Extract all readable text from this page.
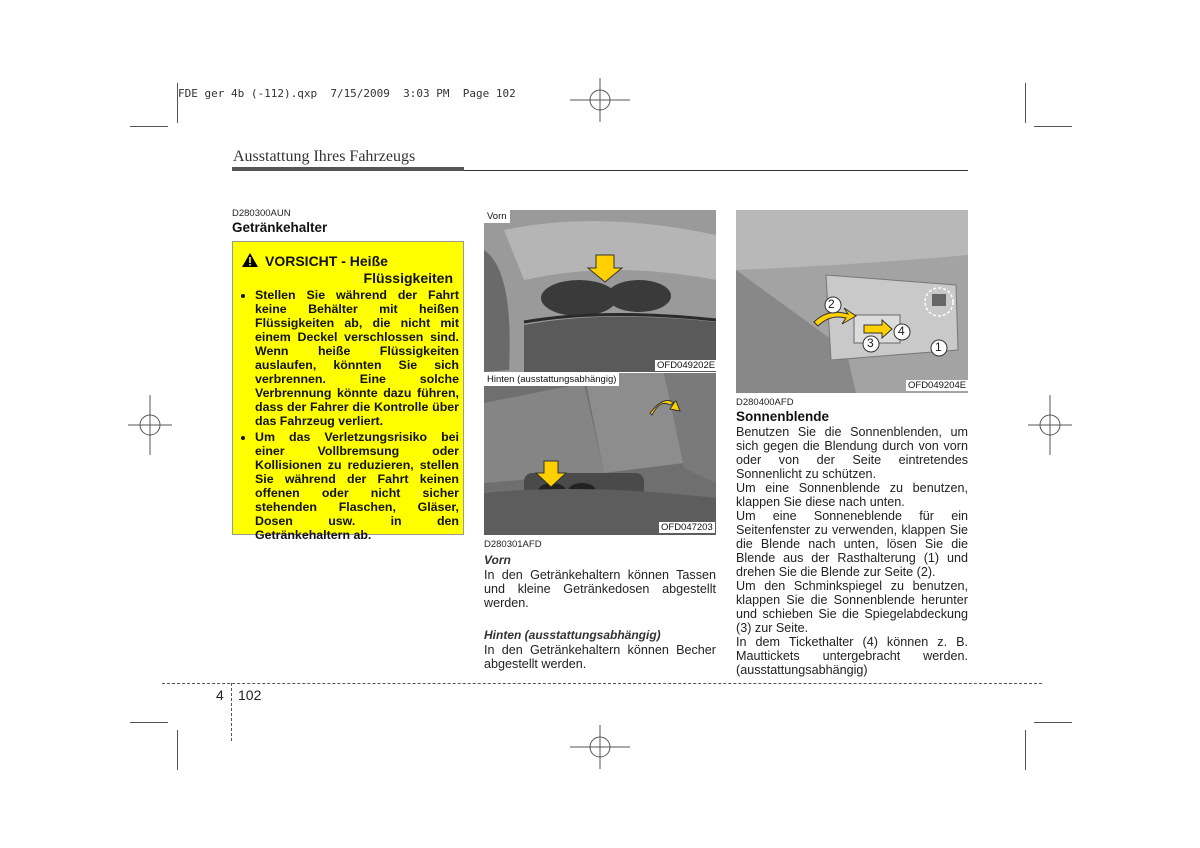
FDE ger 4b (-112).qxp  7/15/2009  3:03 PM  Page 102
Ausstattung Ihres Fahrzeugs
D280300AUN
Getränkehalter
VORSICHT - Heiße
Flüssigkeiten
• Stellen Sie während der Fahrt keine Behälter mit heißen Flüssigkeiten ab, die nicht mit einem Deckel verschlossen sind. Wenn heiße Flüssigkeiten auslaufen, könnten Sie sich verbrennen. Eine solche Verbrennung könnte dazu führen, dass der Fahrer die Kontrolle über das Fahrzeug verliert.
• Um das Verletzungsrisiko bei einer Vollbremsung oder Kollisionen zu reduzieren, stellen Sie während der Fahrt keinen offenen oder nicht sicher stehenden Flaschen, Gläser, Dosen usw. in den Getränkehaltern ab.
Vorn
OFD049202E
Hinten (ausstattungsabhängig)
OFD047203
D280301AFD
Vorn
In den Getränkehaltern können Tassen und kleine Getränkedosen abgestellt werden.
Hinten (ausstattungsabhängig)
In den Getränkehaltern können Becher abgestellt werden.
2
3
4
1
OFD049204E
D280400AFD
Sonnenblende

Benutzen Sie die Sonnenblenden, um sich gegen die Blendung durch von vorn oder von der Seite eintretendes Sonnenlicht zu schützen.

Um eine Sonnenblende zu benutzen, klappen Sie diese nach unten.

Um eine Sonneneblende für ein Seitenfenster zu verwenden, klappen Sie die Blende nach unten, lösen Sie die Blende aus der Rasthalterung (1) und drehen Sie die Blende zur Seite (2).

Um den Schminkspiegel zu benutzen, klappen Sie die Sonnenblende herunter und schieben Sie die Spiegelabdeckung (3) zur Seite.

In dem Tickethalter (4) können z. B. Mauttickets untergebracht werden. (ausstattungsabhängig)

4 102
